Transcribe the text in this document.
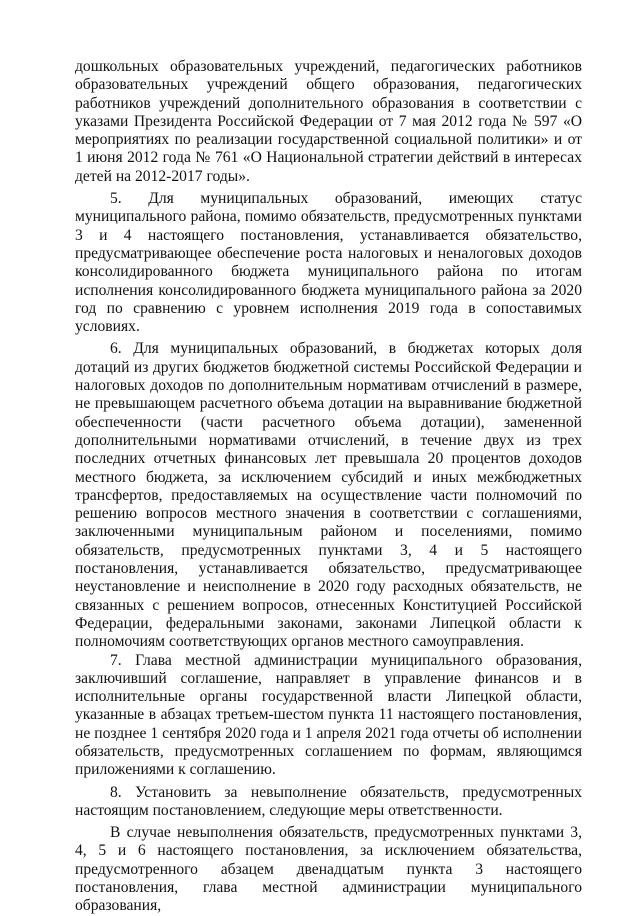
дошкольных образовательных учреждений, педагогических работников образовательных учреждений общего образования, педагогических работников учреждений дополнительного образования в соответствии с указами Президента Российской Федерации от 7 мая 2012 года № 597 «О мероприятиях по реализации государственной социальной политики» и от 1 июня 2012 года № 761 «О Национальной стратегии действий в интересах детей на 2012-2017 годы».

5. Для муниципальных образований, имеющих статус муниципального района, помимо обязательств, предусмотренных пунктами 3 и 4 настоящего постановления, устанавливается обязательство, предусматривающее обеспечение роста налоговых и неналоговых доходов консолидированного бюджета муниципального района по итогам исполнения консолидированного бюджета муниципального района за 2020 год по сравнению с уровнем исполнения 2019 года в сопоставимых условиях.

6. Для муниципальных образований, в бюджетах которых доля дотаций из других бюджетов бюджетной системы Российской Федерации и налоговых доходов по дополнительным нормативам отчислений в размере, не превышающем расчетного объема дотации на выравнивание бюджетной обеспеченности (части расчетного объема дотации), замененной дополнительными нормативами отчислений, в течение двух из трех последних отчетных финансовых лет превышала 20 процентов доходов местного бюджета, за исключением субсидий и иных межбюджетных трансфертов, предоставляемых на осуществление части полномочий по решению вопросов местного значения в соответствии с соглашениями, заключенными муниципальным районом и поселениями, помимо обязательств, предусмотренных пунктами 3, 4 и 5 настоящего постановления, устанавливается обязательство, предусматривающее неустановление и неисполнение в 2020 году расходных обязательств, не связанных с решением вопросов, отнесенных Конституцией Российской Федерации, федеральными законами, законами Липецкой области к полномочиям соответствующих органов местного самоуправления.

7. Глава местной администрации муниципального образования, заключивший соглашение, направляет в управление финансов и в исполнительные органы государственной власти Липецкой области, указанные в абзацах третьем-шестом пункта 11 настоящего постановления, не позднее 1 сентября 2020 года и 1 апреля 2021 года отчеты об исполнении обязательств, предусмотренных соглашением по формам, являющимся приложениями к соглашению.

8. Установить за невыполнение обязательств, предусмотренных настоящим постановлением, следующие меры ответственности.

В случае невыполнения обязательств, предусмотренных пунктами 3, 4, 5 и 6 настоящего постановления, за исключением обязательства, предусмотренного абзацем двенадцатым пункта 3 настоящего постановления, глава местной администрации муниципального образования,
